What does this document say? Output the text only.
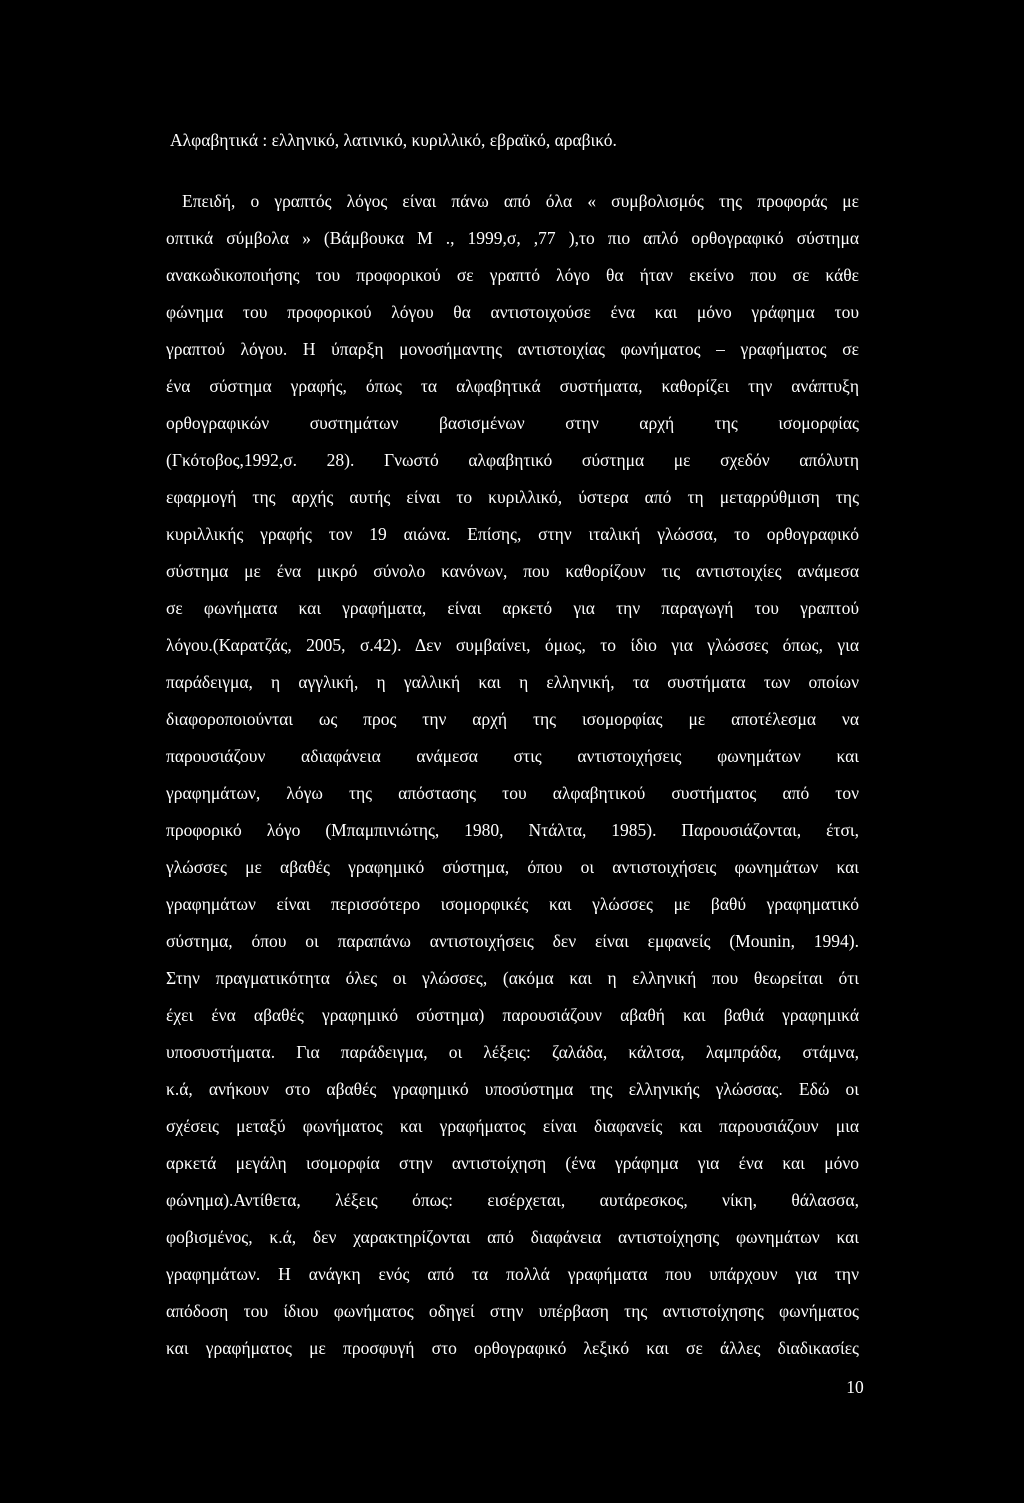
Αλφαβητικά : ελληνικό, λατινικό, κυριλλικό, εβραϊκό, αραβικό.
Επειδή, ο γραπτός λόγος είναι πάνω από όλα « συμβολισμός της προφοράς με
οπτικά σύμβολα » (Βάμβουκα Μ ., 1999,σ, ,77 ),το πιο απλό ορθογραφικό σύστημα
ανακωδικοποιήσης του προφορικού σε γραπτό λόγο θα ήταν εκείνο που σε κάθε
φώνημα του προφορικού λόγου θα αντιστοιχούσε ένα και μόνο γράφημα του
γραπτού λόγου. Η ύπαρξη μονοσήμαντης αντιστοιχίας φωνήματος – γραφήματος σε
ένα σύστημα γραφής, όπως τα αλφαβητικά συστήματα, καθορίζει την ανάπτυξη
ορθογραφικών συστημάτων βασισμένων στην αρχή της ισομορφίας
(Γκότοβος,1992,σ. 28). Γνωστό αλφαβητικό σύστημα με σχεδόν απόλυτη
εφαρμογή της αρχής αυτής είναι το κυριλλικό, ύστερα από τη μεταρρύθμιση της
κυριλλικής γραφής τον 19 αιώνα. Επίσης, στην ιταλική γλώσσα, το ορθογραφικό
σύστημα με ένα μικρό σύνολο κανόνων, που καθορίζουν τις αντιστοιχίες ανάμεσα
σε φωνήματα και γραφήματα, είναι αρκετό για την παραγωγή του γραπτού
λόγου.(Καρατζάς, 2005, σ.42). Δεν συμβαίνει, όμως, το ίδιο για γλώσσες όπως, για
παράδειγμα, η αγγλική, η γαλλική και η ελληνική, τα συστήματα των οποίων
διαφοροποιούνται ως προς την αρχή της ισομορφίας με αποτέλεσμα να
παρουσιάζουν αδιαφάνεια ανάμεσα στις αντιστοιχήσεις φωνημάτων και
γραφημάτων, λόγω της απόστασης του αλφαβητικού συστήματος από τον
προφορικό λόγο (Μπαμπινιώτης, 1980, Ντάλτα, 1985). Παρουσιάζονται, έτσι,
γλώσσες με αβαθές γραφημικό σύστημα, όπου οι αντιστοιχήσεις φωνημάτων και
γραφημάτων είναι περισσότερο ισομορφικές και γλώσσες με βαθύ γραφηματικό
σύστημα, όπου οι παραπάνω αντιστοιχήσεις δεν είναι εμφανείς (Mounin, 1994).
Στην πραγματικότητα όλες οι γλώσσες, (ακόμα και η ελληνική που θεωρείται ότι
έχει ένα αβαθές γραφημικό σύστημα) παρουσιάζουν αβαθή και βαθιά γραφημικά
υποσυστήματα. Για παράδειγμα, οι λέξεις: ζαλάδα, κάλτσα, λαμπράδα, στάμνα,
κ.ά, ανήκουν στο αβαθές γραφημικό υποσύστημα της ελληνικής γλώσσας. Εδώ οι
σχέσεις μεταξύ φωνήματος και γραφήματος είναι διαφανείς και παρουσιάζουν μια
αρκετά μεγάλη ισομορφία στην αντιστοίχηση (ένα γράφημα για ένα και μόνο
φώνημα).Αντίθετα, λέξεις όπως: εισέρχεται, αυτάρεσκος, νίκη, θάλασσα,
φοβισμένος, κ.ά, δεν χαρακτηρίζονται από διαφάνεια αντιστοίχησης φωνημάτων και
γραφημάτων. Η ανάγκη ενός από τα πολλά γραφήματα που υπάρχουν για την
απόδοση του ίδιου φωνήματος οδηγεί στην υπέρβαση της αντιστοίχησης φωνήματος
και γραφήματος με προσφυγή στο ορθογραφικό λεξικό και σε άλλες διαδικασίες
10
